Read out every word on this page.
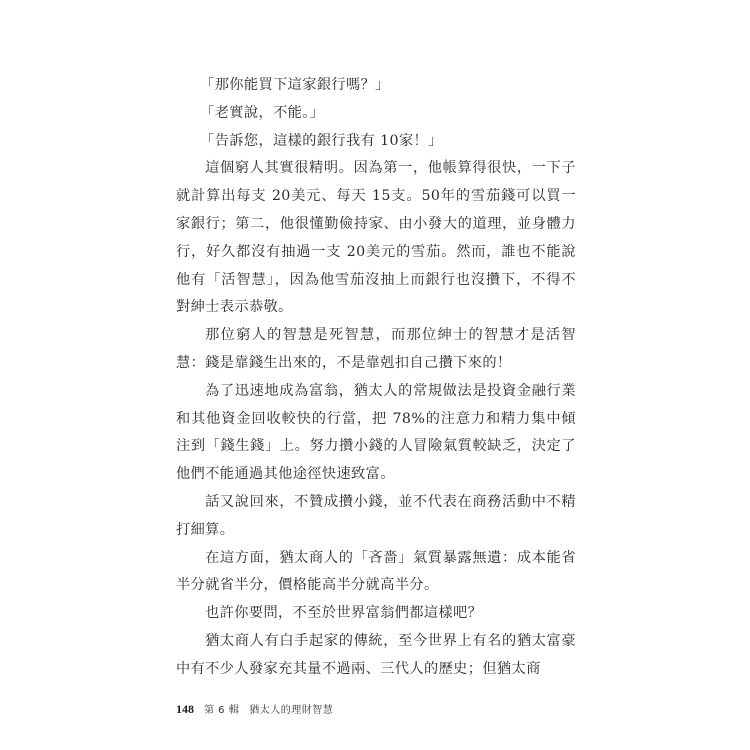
「那你能買下這家銀行嗎？」

「老實說，不能。」

「告訴您，這樣的銀行我有 10家！」

這個窮人其實很精明。因為第一，他帳算得很快，一下子就計算出每支 20美元、每天 15支。50年的雪茄錢可以買一家銀行；第二，他很懂勤儉持家、由小發大的道理，並身體力行，好久都沒有抽過一支 20美元的雪茄。然而，誰也不能說他有「活智慧」，因為他雪茄沒抽上而銀行也沒攢下，不得不對紳士表示恭敬。

那位窮人的智慧是死智慧，而那位紳士的智慧才是活智慧：錢是靠錢生出來的，不是靠剋扣自己攢下來的！

為了迅速地成為富翁，猶太人的常規做法是投資金融行業和其他資金回收較快的行當，把 78%的注意力和精力集中傾注到「錢生錢」上。努力攢小錢的人冒險氣質較缺乏，決定了他們不能通過其他途徑快速致富。

話又說回來，不贊成攢小錢，並不代表在商務活動中不精打細算。

在這方面，猶太商人的「吝嗇」氣質暴露無遺：成本能省半分就省半分，價格能高半分就高半分。

也許你要問，不至於世界富翁們都這樣吧？

猶太商人有白手起家的傳統，至今世界上有名的猶太富豪中有不少人發家充其量不過兩、三代人的歷史；但猶太商

148 第 6 輯 猶太人的理財智慧
